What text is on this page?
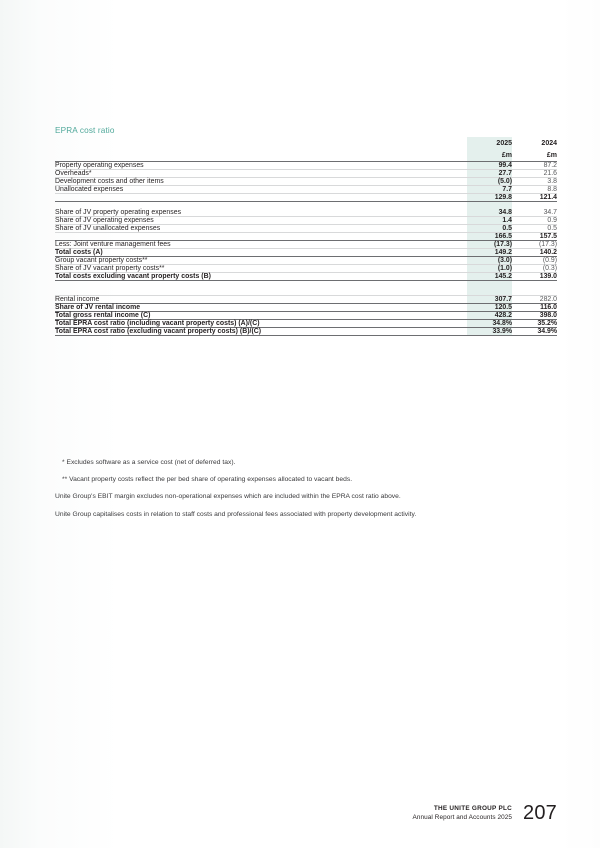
EPRA cost ratio
	2025	2024
	£m	£m
Property operating expenses	99.4	87.2
Overheads*	27.7	21.6
Development costs and other items	(5.0)	3.8
Unallocated expenses	7.7	8.8
	129.8	121.4

Share of JV property operating expenses	34.8	34.7
Share of JV operating expenses	1.4	0.9
Share of JV unallocated expenses	0.5	0.5
	166.5	157.5
Less: Joint venture management fees	(17.3)	(17.3)
Total costs (A)	149.2	140.2
Group vacant property costs**	(3.0)	(0.9)
Share of JV vacant property costs**	(1.0)	(0.3)
Total costs excluding vacant property costs (B)	145.2	139.0

Rental income	307.7	282.0
Share of JV rental income	120.5	116.0
Total gross rental income (C)	428.2	398.0
Total EPRA cost ratio (including vacant property costs) (A)/(C)	34.8%	35.2%
Total EPRA cost ratio (excluding vacant property costs) (B)/(C)	33.9%	34.9%

* Excludes software as a service cost (net of deferred tax).

** Vacant property costs reflect the per bed share of operating expenses allocated to vacant beds.

Unite Group's EBIT margin excludes non-operational expenses which are included within the EPRA cost ratio above.

Unite Group capitalises costs in relation to staff costs and professional fees associated with property development activity.

THE UNITE GROUP PLC
Annual Report and Accounts 2025 207
